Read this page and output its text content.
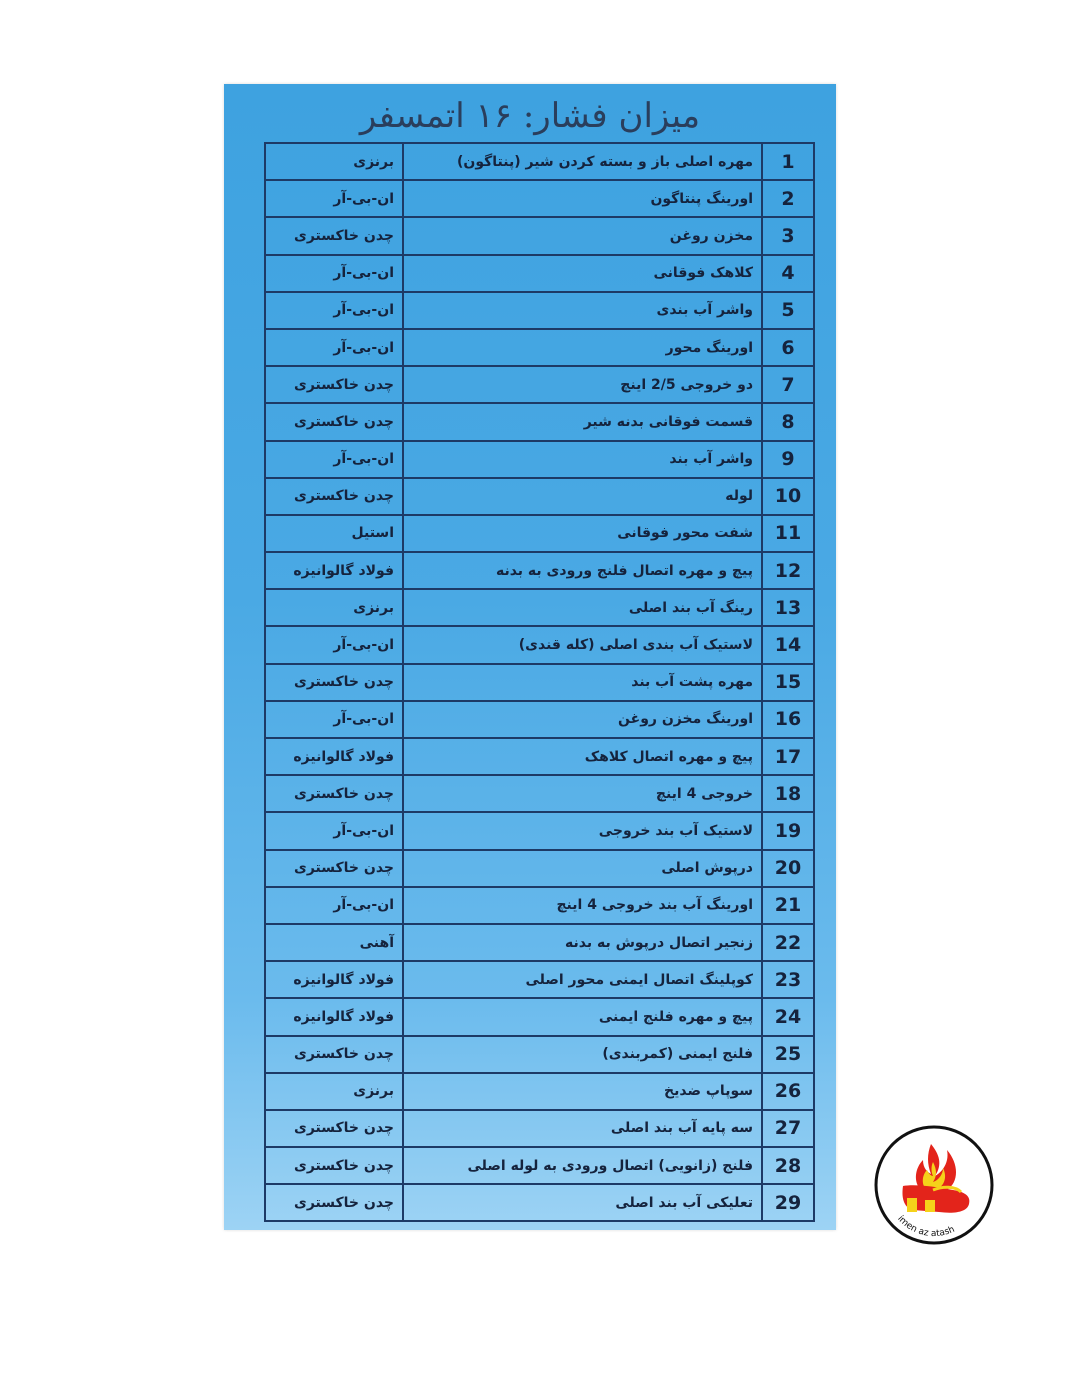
میزان فشار: ۱۶ اتمسفر
1	مهره اصلی باز و بسته کردن شیر (پنتاگون)	برنزی
2	اورینگ پنتاگون	ان-بی-آر
3	مخزن روغن	چدن خاکستری
4	کلاهک فوقانی	ان-بی-آر
5	واشر آب بندی	ان-بی-آر
6	اورینگ محور	ان-بی-آر
7	دو خروجی 2/5 اینچ	چدن خاکستری
8	قسمت فوقانی بدنه شیر	چدن خاکستری
9	واشر آب بند	ان-بی-آر
10	لوله	چدن خاکستری
11	شفت محور فوقانی	استیل
12	پیچ و مهره اتصال فلنج ورودی به بدنه	فولاد گالوانیزه
13	رینگ آب بند اصلی	برنزی
14	لاستیک آب بندی اصلی (کله قندی)	ان-بی-آر
15	مهره پشت آب بند	چدن خاکستری
16	اورینگ مخزن روغن	ان-بی-آر
17	پیچ و مهره اتصال کلاهک	فولاد گالوانیزه
18	خروجی 4 اینچ	چدن خاکستری
19	لاستیک آب بند خروجی	ان-بی-آر
20	درپوش اصلی	چدن خاکستری
21	اورینگ آب بند خروجی 4 اینچ	ان-بی-آر
22	زنجیر اتصال درپوش به بدنه	آهنی
23	کوپلینگ اتصال ایمنی محور اصلی	فولاد گالوانیزه
24	پیچ و مهره فلنج ایمنی	فولاد گالوانیزه
25	فلنج ایمنی (کمربندی)	چدن خاکستری
26	سوپاپ ضدیخ	برنزی
27	سه پایه آب بند اصلی	چدن خاکستری
28	فلنج (زانویی) اتصال ورودی به لوله اصلی	چدن خاکستری
29	تعلیکی آب بند اصلی	چدن خاکستری
imen az atash
